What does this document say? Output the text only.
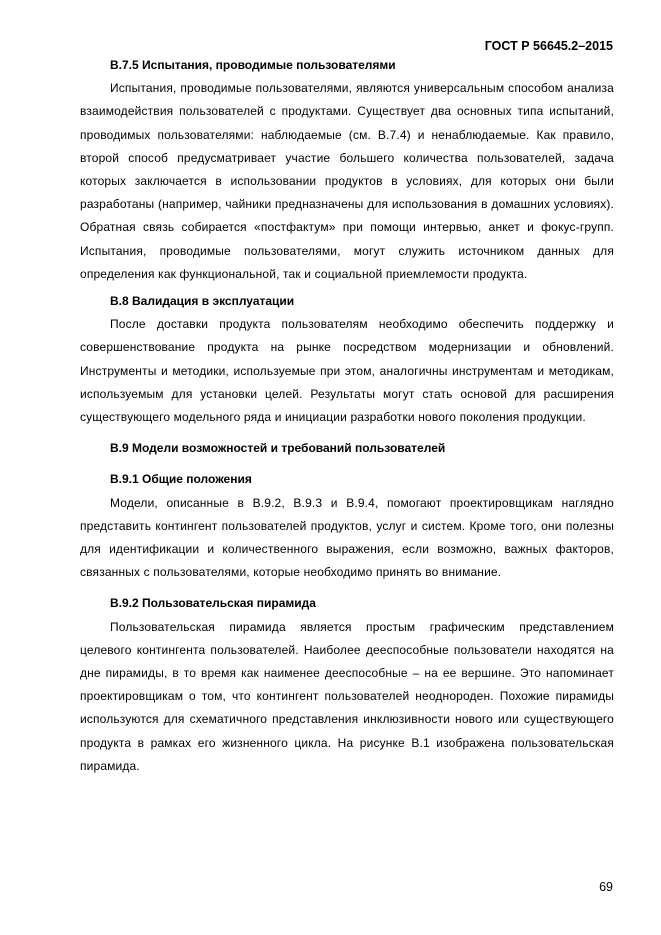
ГОСТ Р 56645.2–2015
В.7.5 Испытания, проводимые пользователями

Испытания, проводимые пользователями, являются универсальным способом анализа взаимодействия пользователей с продуктами. Существует два основных типа испытаний, проводимых пользователями: наблюдаемые (см. В.7.4) и ненаблюдаемые. Как правило, второй способ предусматривает участие большего количества пользователей, задача которых заключается в использовании продуктов в условиях, для которых они были разработаны (например, чайники предназначены для использования в домашних условиях). Обратная связь собирается «постфактум» при помощи интервью, анкет и фокус-групп. Испытания, проводимые пользователями, могут служить источником данных для определения как функциональной, так и социальной приемлемости продукта.

В.8 Валидация в эксплуатации

После доставки продукта пользователям необходимо обеспечить поддержку и совершенствование продукта на рынке посредством модернизации и обновлений. Инструменты и методики, используемые при этом, аналогичны инструментам и методикам, используемым для установки целей. Результаты могут стать основой для расширения существующего модельного ряда и инициации разработки нового поколения продукции.

В.9 Модели возможностей и требований пользователей
В.9.1 Общие положения

Модели, описанные в В.9.2, В.9.3 и В.9.4, помогают проектировщикам наглядно представить контингент пользователей продуктов, услуг и систем. Кроме того, они полезны для идентификации и количественного выражения, если возможно, важных факторов, связанных с пользователями, которые необходимо принять во внимание.

В.9.2 Пользовательская пирамида

Пользовательская пирамида является простым графическим представлением целевого контингента пользователей. Наиболее дееспособные пользователи находятся на дне пирамиды, в то время как наименее дееспособные – на ее вершине. Это напоминает проектировщикам о том, что контингент пользователей неоднороден. Похожие пирамиды используются для схематичного представления инклюзивности нового или существующего продукта в рамках его жизненного цикла. На рисунке В.1 изображена пользовательская пирамида.

69
